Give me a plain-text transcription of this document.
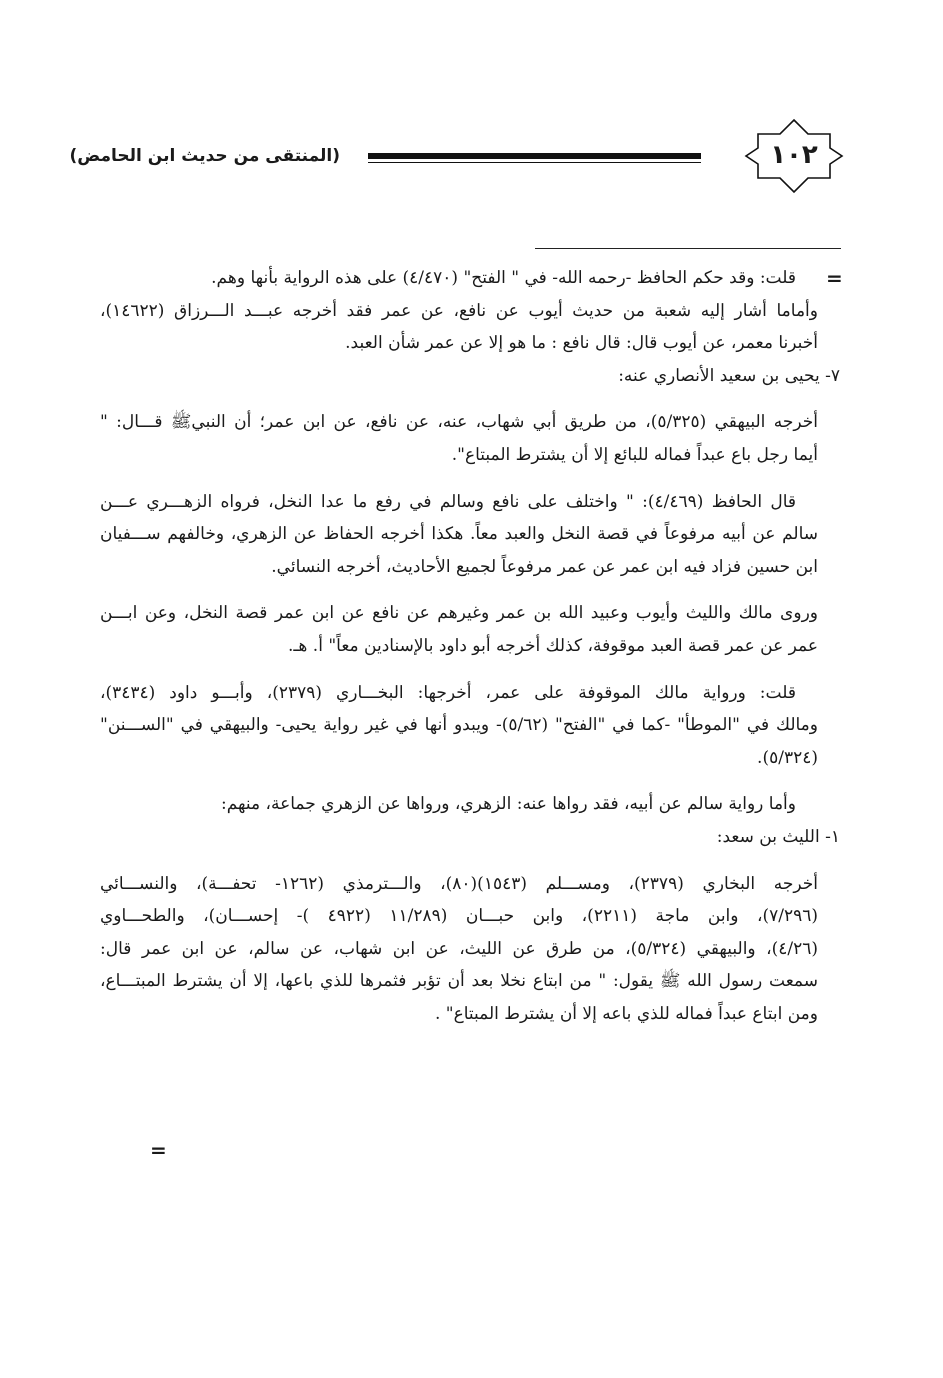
(المنتقى من حديث ابن الحامض)	١٠٢
=
=
قلت: وقد حكم الحافظ -رحمه الله- في " الفتح" (٤/٤٧٠) على هذه الرواية بأنها وهم.
وأماما أشار إليه شعبة من حديث أيوب عن نافع، عن عمر فقد أخرجه عبـــد الـــرزاق (١٤٦٢٢)،
أخبرنا معمر، عن أيوب قال: قال نافع : ما هو إلا عن عمر شأن العبد.
٧- يحيى بن سعيد الأنصاري عنه:
أخرجه البيهقي (٥/٣٢٥)، من طريق أبي شهاب، عنه، عن نافع، عن ابن عمر؛ أن النبيﷺ قـــال: "
أيما رجل باع عبداً فماله للبائع إلا أن يشترط المبتاع".
قال الحافظ (٤/٤٦٩): " واختلف على نافع وسالم في رفع ما عدا النخل، فرواه الزهـــري عـــن
سالم عن أبيه مرفوعاً في قصة النخل والعبد معاً. هكذا أخرجه الحفاظ عن الزهري، وخالفهم ســـفيان
ابن حسين فزاد فيه ابن عمر عن عمر مرفوعاً لجميع الأحاديث، أخرجه النسائي.
وروى مالك والليث وأيوب وعبيد الله بن عمر وغيرهم عن نافع عن ابن عمر قصة النخل، وعن ابـــن
عمر عن عمر قصة العبد موقوفة، كذلك أخرجه أبو داود بالإسنادين معاً" أ. هـ.
قلت: ورواية مالك الموقوفة على عمر، أخرجها: البخـــاري (٢٣٧٩)، وأبـــو داود (٣٤٣٤)،
ومالك في "الموطأ" -كما في "الفتح" (٥/٦٢)- ويبدو أنها في غير رواية يحيى- والبيهقي في "الســـنن"
(٥/٣٢٤).
وأما رواية سالم عن أبيه، فقد رواها عنه: الزهري، ورواها عن الزهري جماعة، منهم:
١- الليث بن سعد:
أخرجه البخاري (٢٣٧٩)، ومســـلم (١٥٤٣)(٨٠)، والـــترمذي (١٢٦٢- تحفـــة)، والنســـائي
(٧/٢٩٦)، وابن ماجة (٢٢١١)، وابن حبـــان (١١/٢٨٩ (٤٩٢٢ )- إحســـان)، والطحـــاوي
(٤/٢٦)، والبيهقي (٥/٣٢٤)، من طرق عن الليث، عن ابن شهاب، عن سالم، عن ابن عمر قال:
سمعت رسول الله ﷺ يقول: " من ابتاع نخلا بعد أن تؤبر فثمرها للذي باعها، إلا أن يشترط المبتـــاع،
ومن ابتاع عبداً فماله للذي باعه إلا أن يشترط المبتاع" .
